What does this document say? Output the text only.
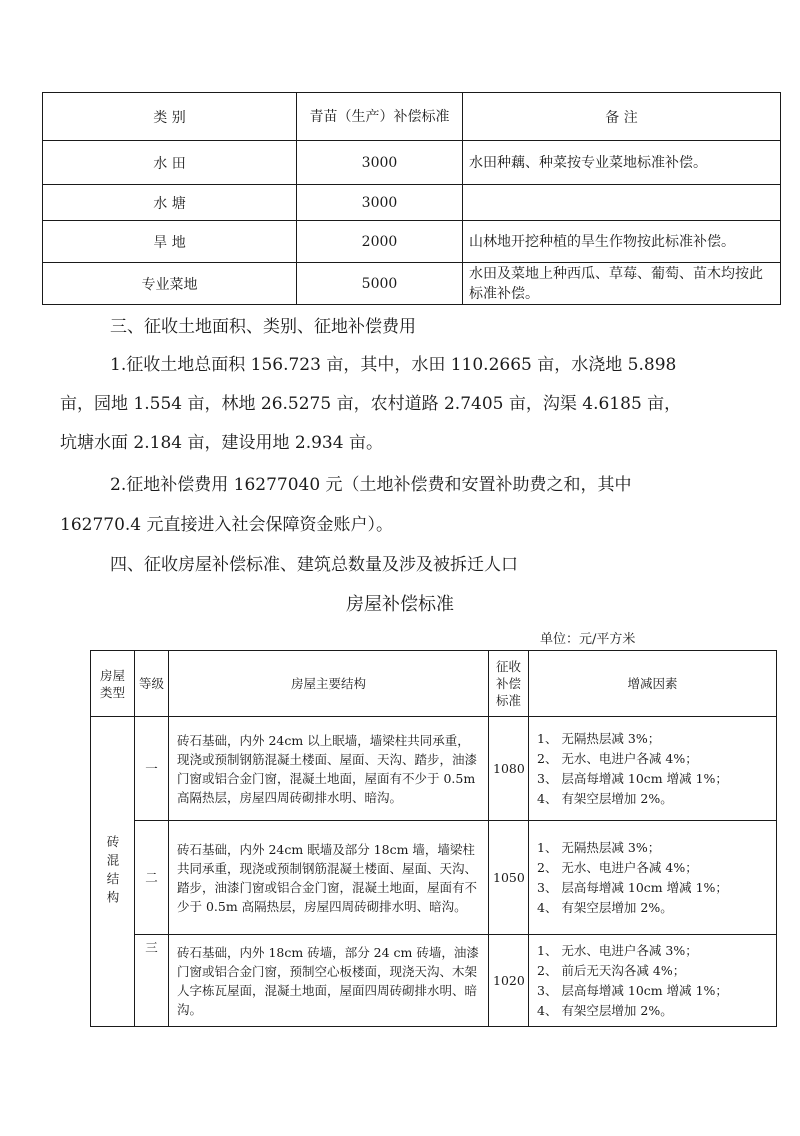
类 别	青苗（生产）补偿标准	备 注
水 田	3000	水田种藕、种菜按专业菜地标准补偿。
水 塘	3000	
旱 地	2000	山林地开挖种植的旱生作物按此标准补偿。
专业菜地	5000	水田及菜地上种西瓜、草莓、葡萄、苗木均按此标准补偿。
三、征收土地面积、类别、征地补偿费用
1.征收土地总面积 156.723 亩，其中，水田 110.2665 亩，水浇地 5.898
亩，园地 1.554 亩，林地 26.5275 亩，农村道路 2.7405 亩，沟渠 4.6185 亩，
坑塘水面 2.184 亩，建设用地 2.934 亩。
2.征地补偿费用 16277040 元（土地补偿费和安置补助费之和，其中
162770.4 元直接进入社会保障资金账户）。
四、征收房屋补偿标准、建筑总数量及涉及被拆迁人口
房屋补偿标准
单位：元/平方米
房屋类型	等级	房屋主要结构	征收补偿标准	增减因素

砖混结构	一	砖石基础，内外 24cm 以上眠墙，墙梁柱共同承重，现浇或预制钢筋混凝土楼面、屋面、天沟、踏步，油漆门窗或铝合金门窗，混凝土地面，屋面有不少于 0.5m 高隔热层，房屋四周砖砌排水明、暗沟。	1080	1、 无隔热层减 3%；
2、 无水、电进户各减 4%；
3、 层高每增减 10cm 增减 1%；
4、 有架空层增加 2%。

	二	砖石基础，内外 24cm 眠墙及部分 18cm 墙，墙梁柱共同承重，现浇或预制钢筋混凝土楼面、屋面、天沟、踏步，油漆门窗或铝合金门窗，混凝土地面，屋面有不少于 0.5m 高隔热层，房屋四周砖砌排水明、暗沟。	1050	1、 无隔热层减 3%；
2、 无水、电进户各减 4%；
3、 层高每增减 10cm 增减 1%；
4、 有架空层增加 2%。

	三	砖石基础，内外 18cm 砖墙，部分 24 cm 砖墙，油漆门窗或铝合金门窗，预制空心板楼面，现浇天沟、木架人字栋瓦屋面，混凝土地面，屋面四周砖砌排水明、暗沟。	1020	1、 无水、电进户各减 3%；
2、 前后无天沟各减 4%；
3、 层高每增减 10cm 增减 1%；
4、 有架空层增加 2%。
